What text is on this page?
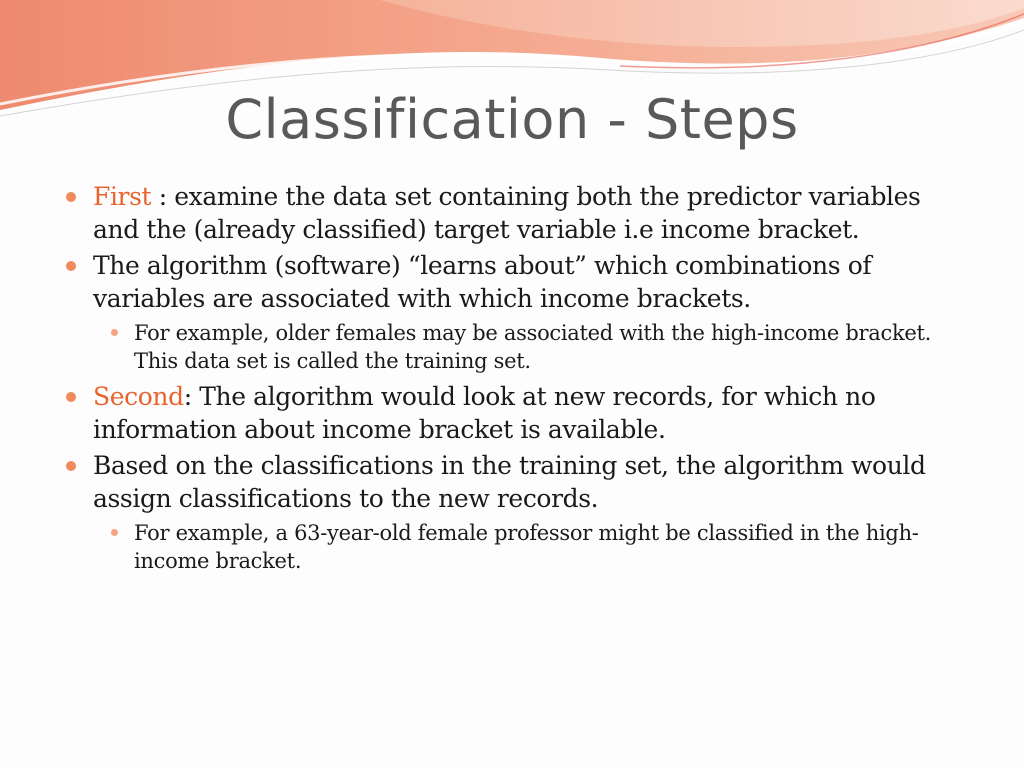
Classification - Steps
First : examine the data set containing both the predictor variables and the (already classified) target variable i.e income bracket.
The algorithm (software) “learns about” which combinations of variables are associated with which income brackets.
For example, older females may be associated with the high-income bracket. This data set is called the training set.
Second: The algorithm would look at new records, for which no information about income bracket is available.
Based on the classifications in the training set, the algorithm would assign classifications to the new records.
For example, a 63-year-old female professor might be classified in the high-income bracket.
